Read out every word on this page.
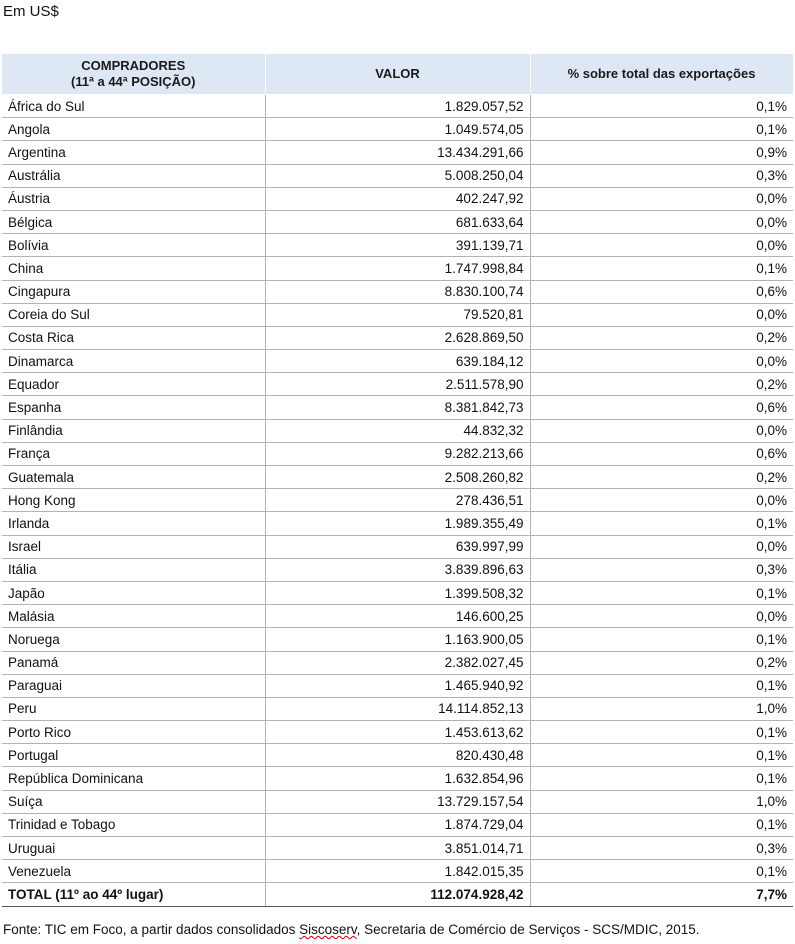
Em US$
COMPRADORES
(11ª a 44ª POSIÇÃO)	VALOR	% sobre total das exportações
África do Sul	1.829.057,52	0,1%
Angola	1.049.574,05	0,1%
Argentina	13.434.291,66	0,9%
Austrália	5.008.250,04	0,3%
Áustria	402.247,92	0,0%
Bélgica	681.633,64	0,0%
Bolívia	391.139,71	0,0%
China	1.747.998,84	0,1%
Cingapura	8.830.100,74	0,6%
Coreia do Sul	79.520,81	0,0%
Costa Rica	2.628.869,50	0,2%
Dinamarca	639.184,12	0,0%
Equador	2.511.578,90	0,2%
Espanha	8.381.842,73	0,6%
Finlândia	44.832,32	0,0%
França	9.282.213,66	0,6%
Guatemala	2.508.260,82	0,2%
Hong Kong	278.436,51	0,0%
Irlanda	1.989.355,49	0,1%
Israel	639.997,99	0,0%
Itália	3.839.896,63	0,3%
Japão	1.399.508,32	0,1%
Malásia	146.600,25	0,0%
Noruega	1.163.900,05	0,1%
Panamá	2.382.027,45	0,2%
Paraguai	1.465.940,92	0,1%
Peru	14.114.852,13	1,0%
Porto Rico	1.453.613,62	0,1%
Portugal	820.430,48	0,1%
República Dominicana	1.632.854,96	0,1%
Suíça	13.729.157,54	1,0%
Trinidad e Tobago	1.874.729,04	0,1%
Uruguai	3.851.014,71	0,3%
Venezuela	1.842.015,35	0,1%
TOTAL (11º ao 44º lugar)	112.074.928,42	7,7%
Fonte: TIC em Foco, a partir dados consolidados Siscoserv, Secretaria de Comércio de Serviços - SCS/MDIC, 2015.
